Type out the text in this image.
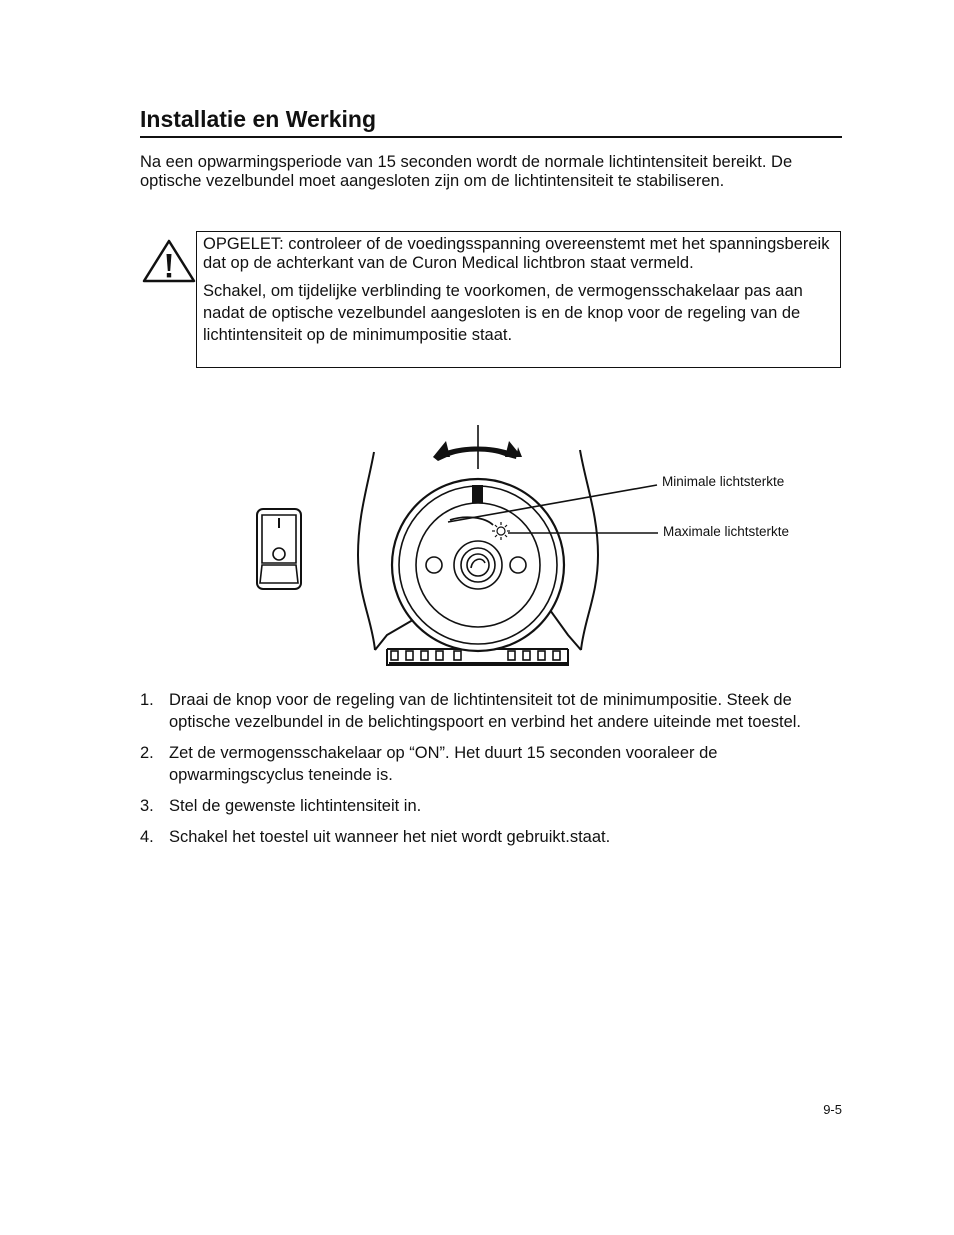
Installatie en Werking
Na een opwarmingsperiode van 15 seconden wordt de normale lichtintensiteit bereikt. De optische vezelbundel moet aangesloten zijn om de lichtintensiteit te stabiliseren.

OPGELET: controleer of de voedingsspanning overeenstemt met het spanningsbereik dat op de achterkant van de Curon Medical lichtbron staat vermeld.

Schakel, om tijdelijke verblinding te voorkomen, de vermogensschakelaar pas aan nadat de optische vezelbundel aangesloten is en de knop voor de regeling van de lichtintensiteit op de minimumpositie staat.

Minimale lichtsterkte
Maximale lichtsterkte
1. Draai de knop voor de regeling van de lichtintensiteit tot de minimumpositie. Steek de optische vezelbundel in de belichtingspoort en verbind het andere uiteinde met toestel.
2. Zet de vermogensschakelaar op “ON”. Het duurt 15 seconden vooraleer de opwarmingscyclus teneinde is.
3. Stel de gewenste lichtintensiteit in.
4. Schakel het toestel uit wanneer het niet wordt gebruikt.staat.
9-5
